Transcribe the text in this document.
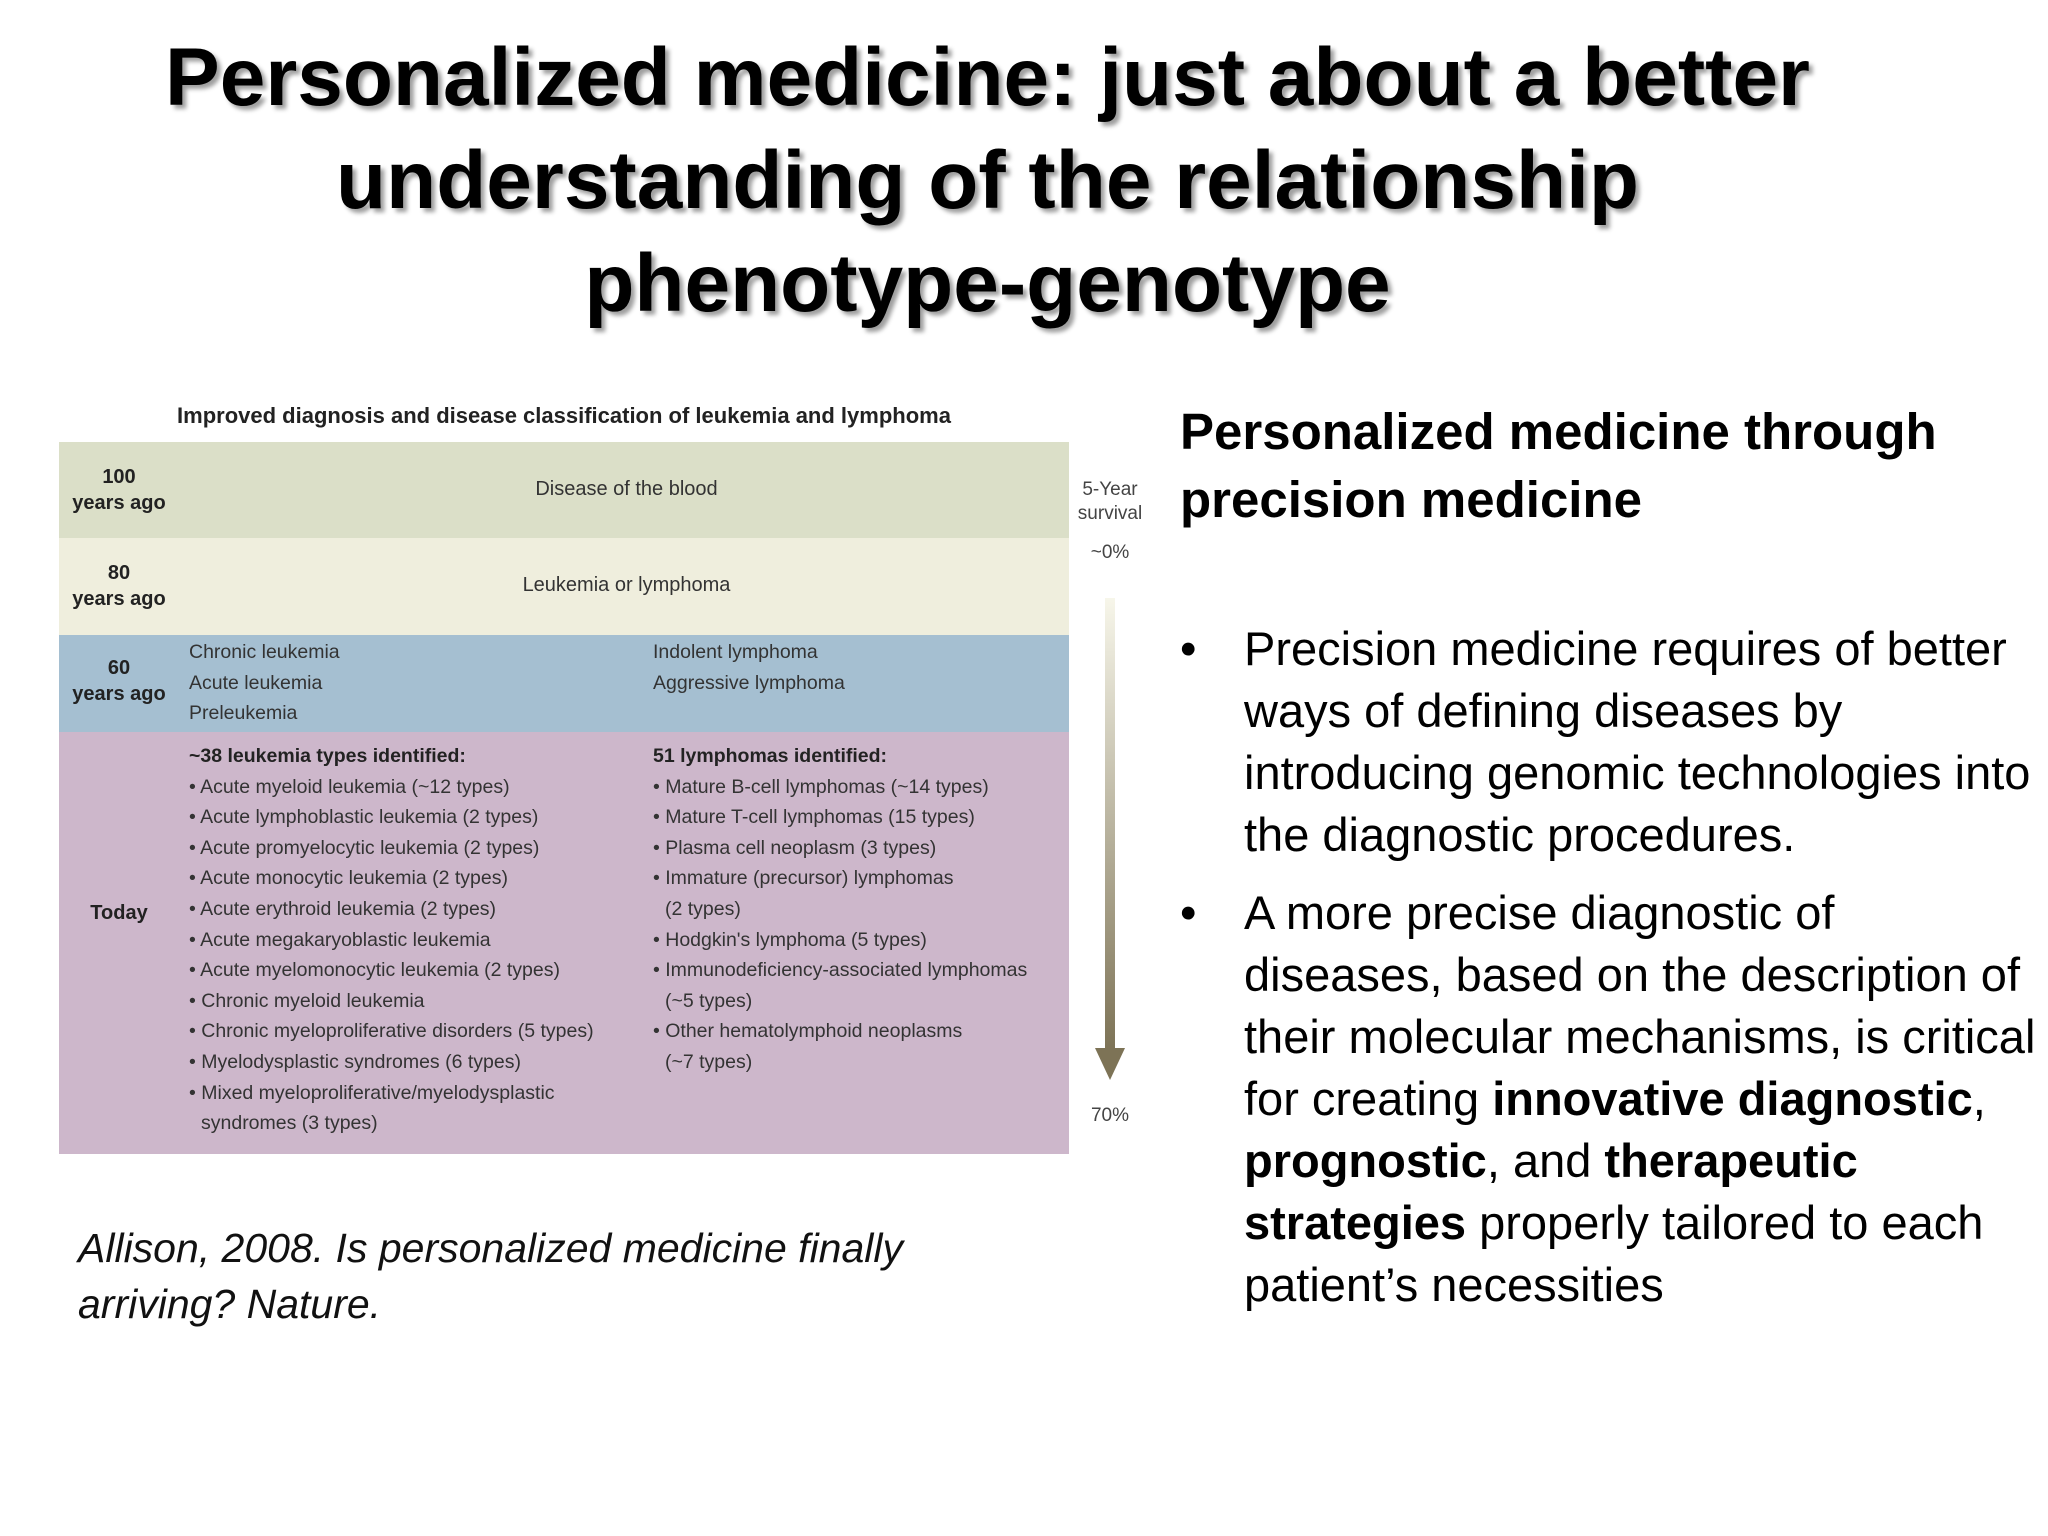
Personalized medicine: just about a better
understanding of the relationship
phenotype-genotype
Improved diagnosis and disease classification of leukemia and lymphoma
100
years ago
Disease of the blood
80
years ago
Leukemia or lymphoma
60
years ago
Chronic leukemia
Acute leukemia
Preleukemia
Indolent lymphoma
Aggressive lymphoma
Today
~38 leukemia types identified:
• Acute myeloid leukemia (~12 types)
• Acute lymphoblastic leukemia (2 types)
• Acute promyelocytic leukemia (2 types)
• Acute monocytic leukemia (2 types)
• Acute erythroid leukemia (2 types)
• Acute megakaryoblastic leukemia
• Acute myelomonocytic leukemia (2 types)
• Chronic myeloid leukemia
• Chronic myeloproliferative disorders (5 types)
• Myelodysplastic syndromes (6 types)
• Mixed myeloproliferative/myelodysplastic
syndromes (3 types)
51 lymphomas identified:
• Mature B-cell lymphomas (~14 types)
• Mature T-cell lymphomas (15 types)
• Plasma cell neoplasm (3 types)
• Immature (precursor) lymphomas
(2 types)
• Hodgkin's lymphoma (5 types)
• Immunodeficiency-associated lymphomas
(~5 types)
• Other hematolymphoid neoplasms
(~7 types)
5-Year
survival
~0%
70%
Personalized medicine through
precision medicine
• Precision medicine requires of better ways of defining diseases by introducing genomic technologies into the diagnostic procedures.
• A more precise diagnostic of diseases, based on the description of their molecular mechanisms, is critical for creating innovative diagnostic, prognostic, and therapeutic strategies properly tailored to each patient’s necessities
Allison, 2008. Is personalized medicine finally
arriving? Nature.
